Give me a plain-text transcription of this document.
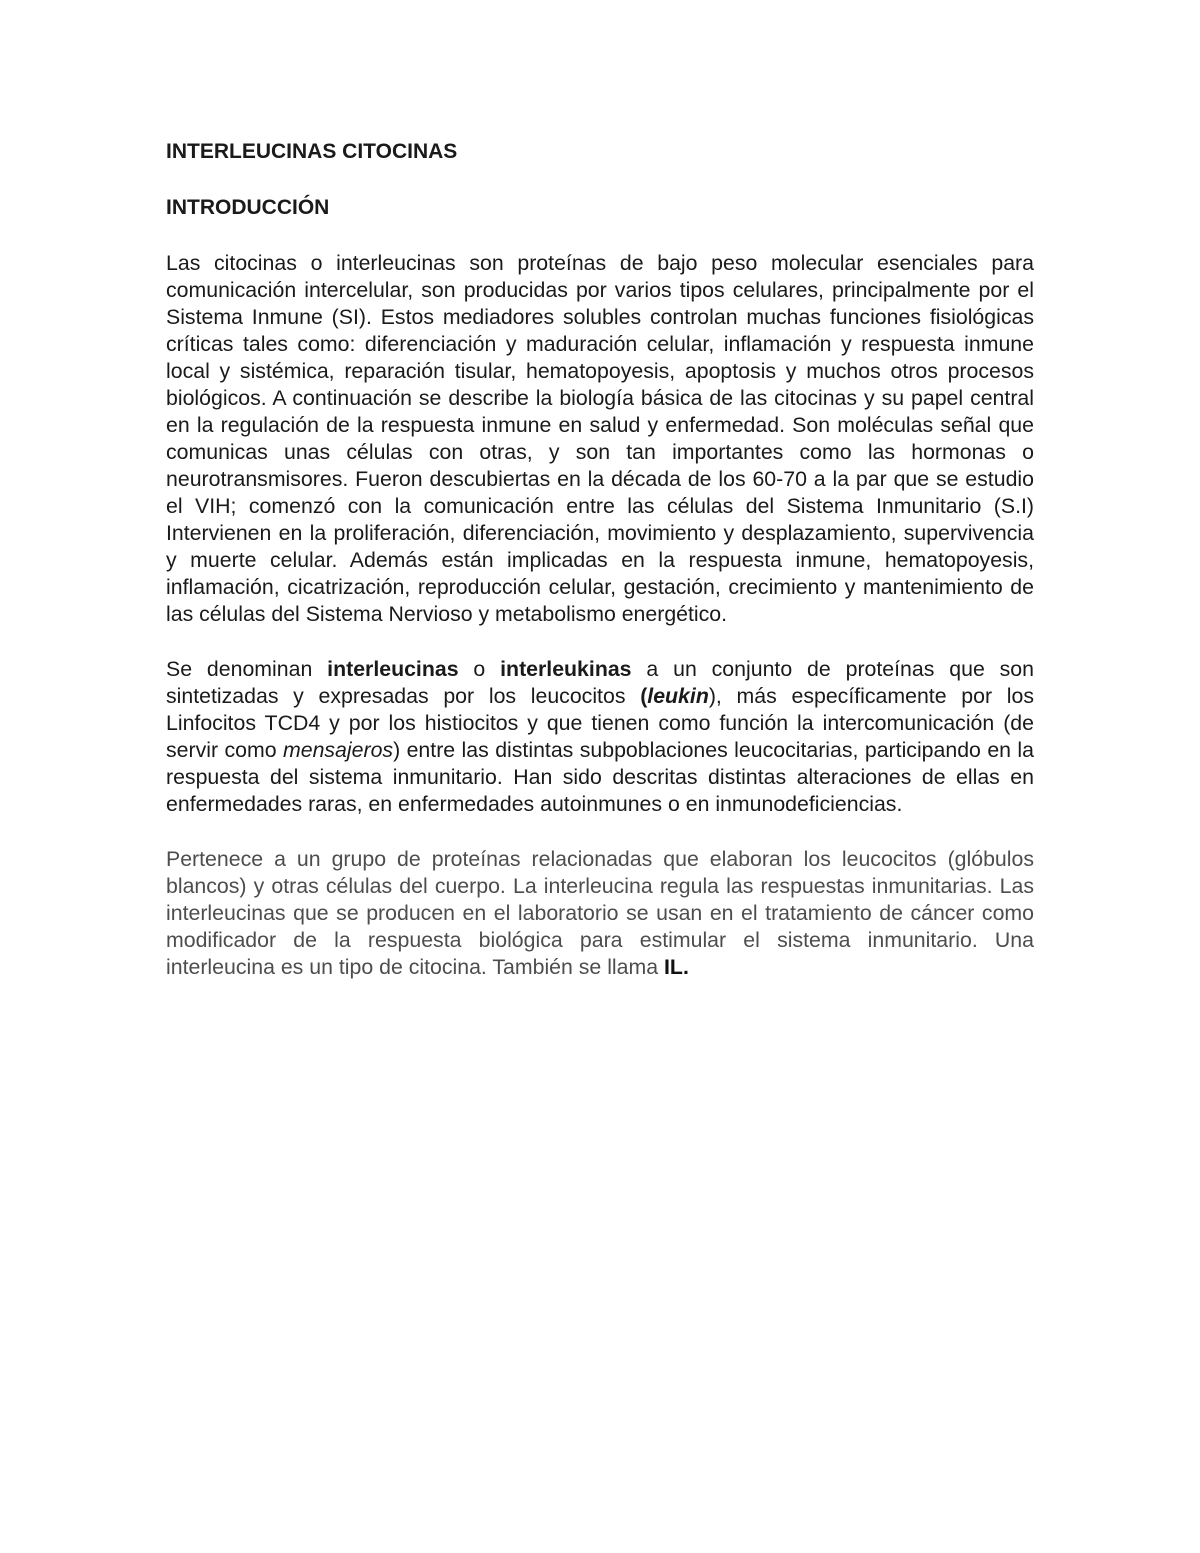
INTERLEUCINAS CITOCINAS

INTRODUCCIÓN

Las citocinas o interleucinas son proteínas de bajo peso molecular esenciales para comunicación intercelular, son producidas por varios tipos celulares, principalmente por el Sistema Inmune (SI). Estos mediadores solubles controlan muchas funciones fisiológicas críticas tales como: diferenciación y maduración celular, inflamación y respuesta inmune local y sistémica, reparación tisular, hematopoyesis, apoptosis y muchos otros procesos biológicos. A continuación se describe la biología básica de las citocinas y su papel central en la regulación de la respuesta inmune en salud y enfermedad. Son moléculas señal que comunicas unas células con otras, y son tan importantes como las hormonas o neurotransmisores. Fueron descubiertas en la década de los 60-70 a la par que se estudio el VIH; comenzó con la comunicación entre las células del Sistema Inmunitario (S.I) Intervienen en la proliferación, diferenciación, movimiento y desplazamiento, supervivencia y muerte celular. Además están implicadas en la respuesta inmune, hematopoyesis, inflamación, cicatrización, reproducción celular, gestación, crecimiento y mantenimiento de las células del Sistema Nervioso y metabolismo energético.

Se denominan interleucinas o interleukinas a un conjunto de proteínas que son sintetizadas y expresadas por los leucocitos (leukin), más específicamente por los Linfocitos TCD4 y por los histiocitos y que tienen como función la intercomunicación (de servir como mensajeros) entre las distintas subpoblaciones leucocitarias, participando en la respuesta del sistema inmunitario. Han sido descritas distintas alteraciones de ellas en enfermedades raras, en enfermedades autoinmunes o en inmunodeficiencias.

Pertenece a un grupo de proteínas relacionadas que elaboran los leucocitos (glóbulos blancos) y otras células del cuerpo. La interleucina regula las respuestas inmunitarias. Las interleucinas que se producen en el laboratorio se usan en el tratamiento de cáncer como modificador de la respuesta biológica para estimular el sistema inmunitario. Una interleucina es un tipo de citocina. También se llama IL.
